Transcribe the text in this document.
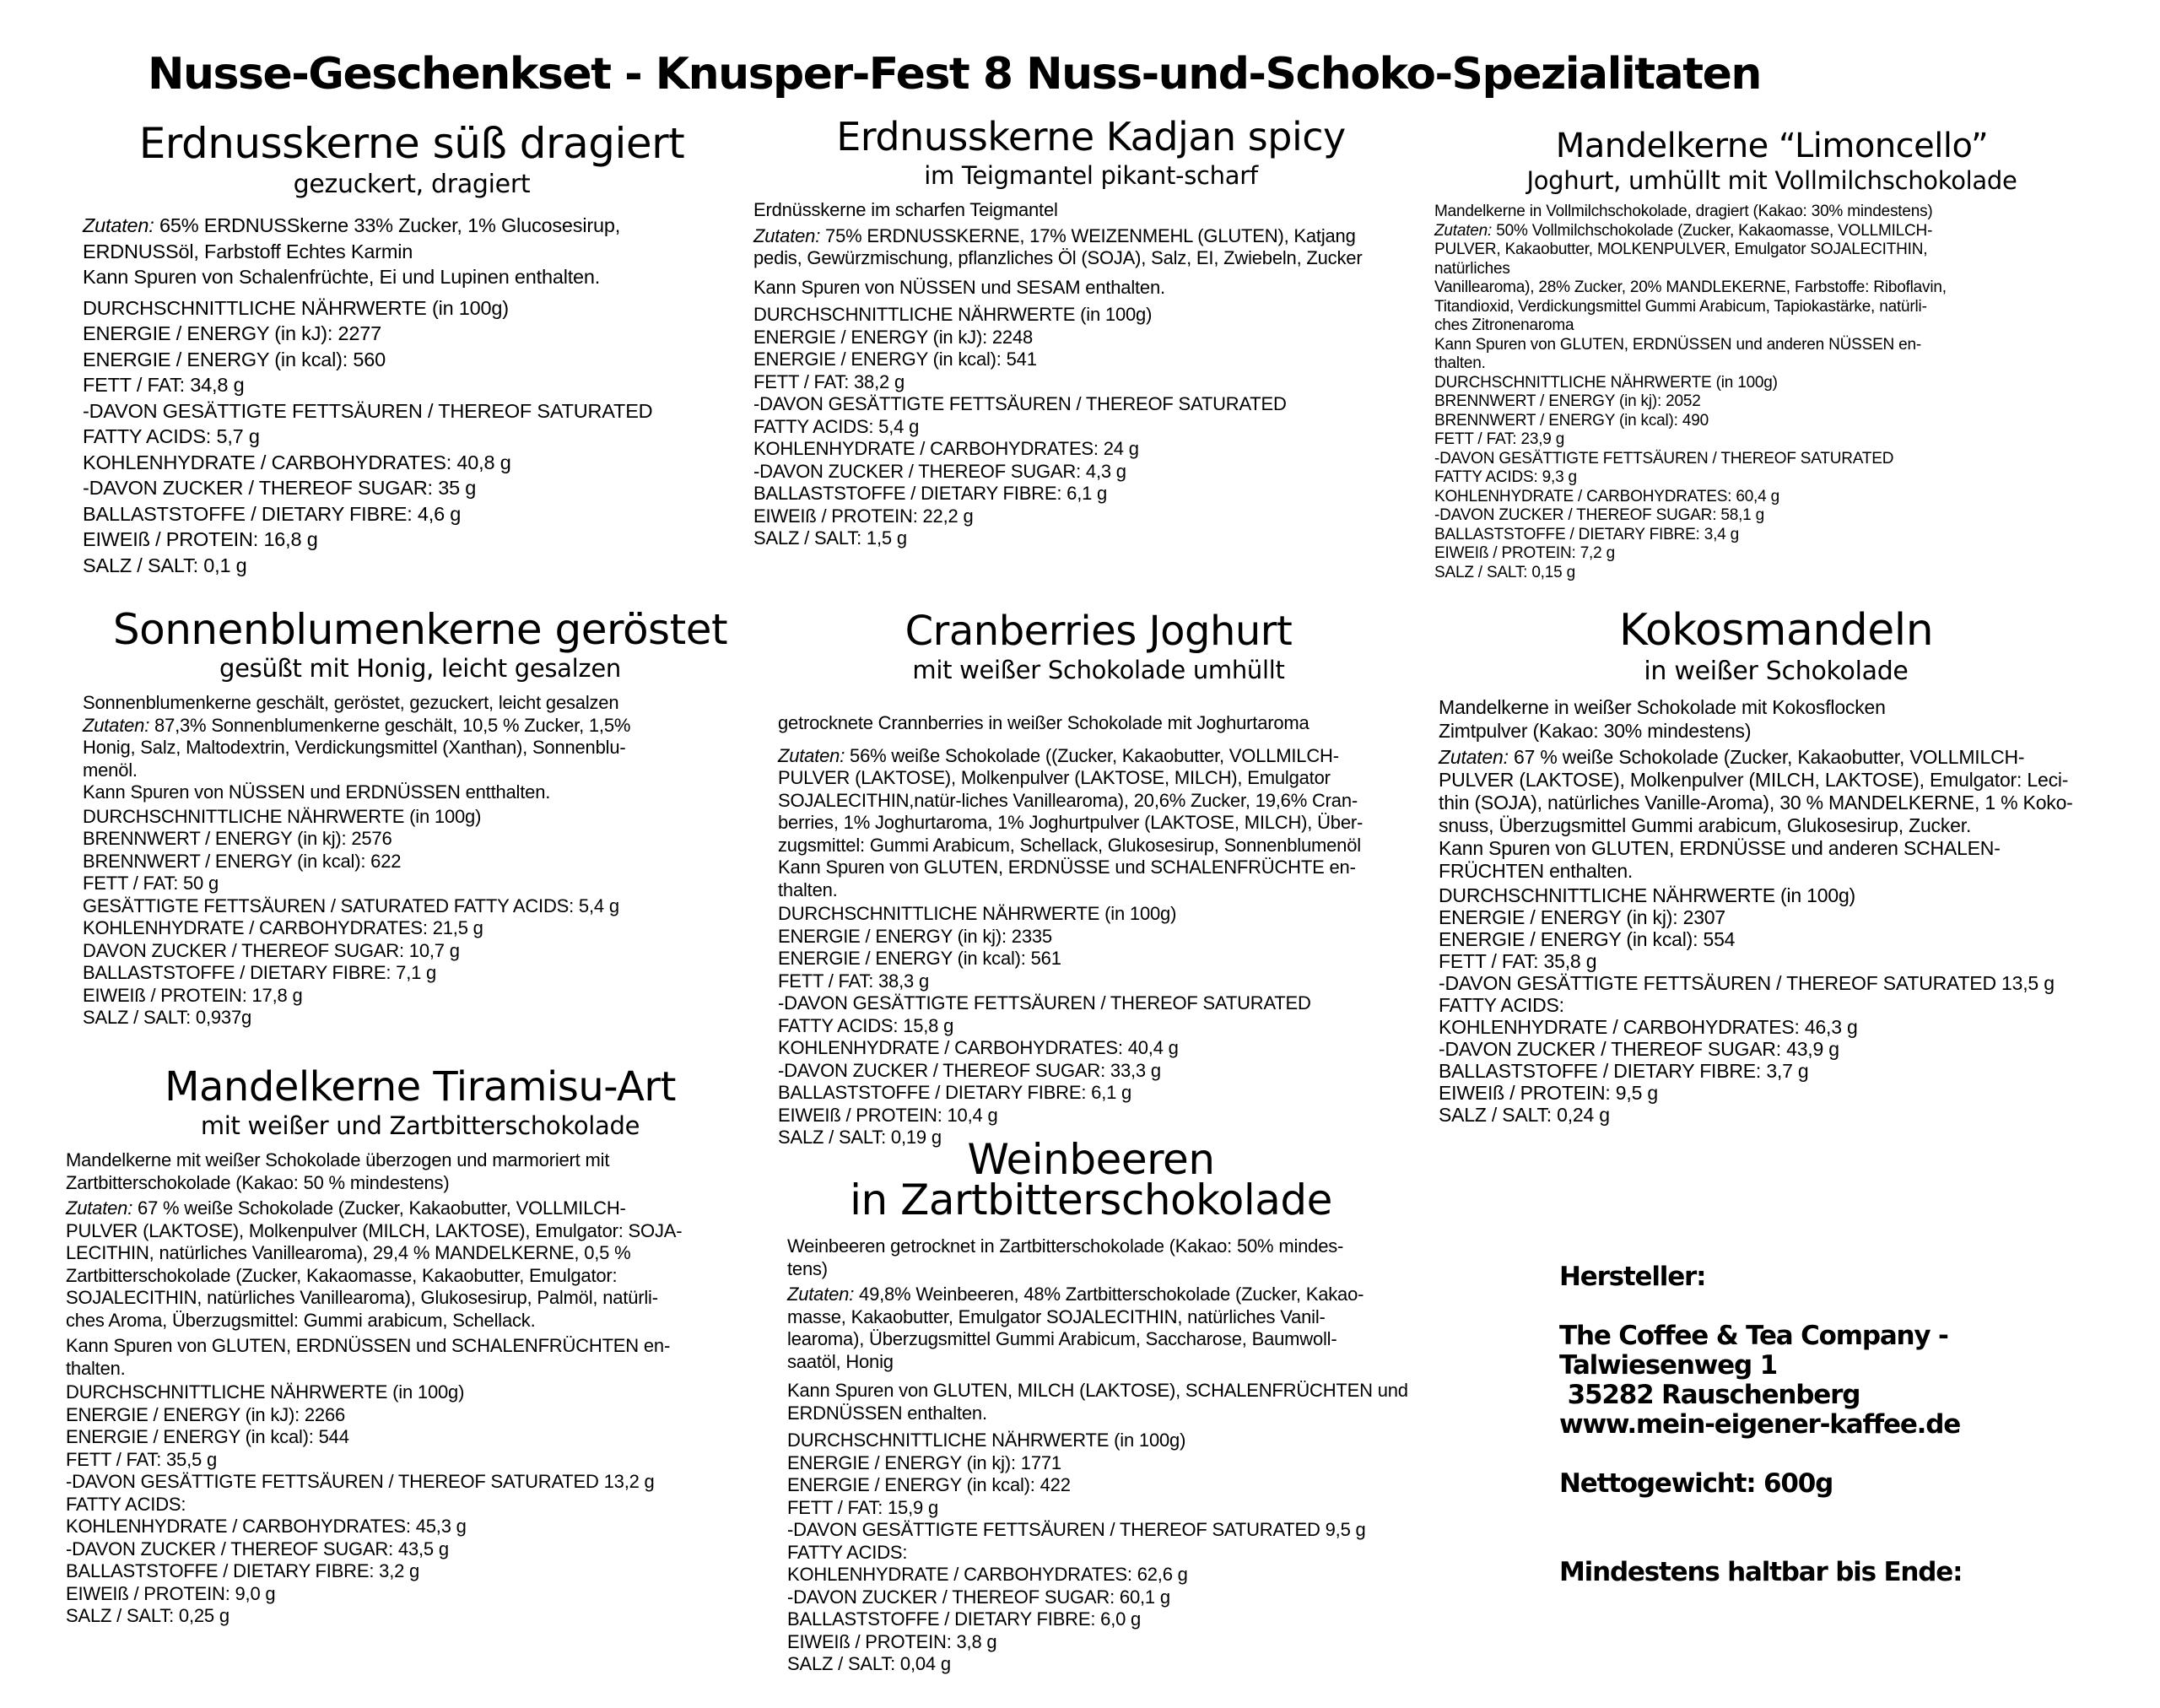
Nusse-Geschenkset - Knusper-Fest 8 Nuss-und-Schoko-Spezialitaten
Erdnusskerne süß dragiert
gezuckert, dragiert

Zutaten: 65% ERDNUSSkerne 33% Zucker, 1% Glucosesirup,
ERDNUSSöl, Farbstoff Echtes Karmin
Kann Spuren von Schalenfrüchte, Ei und Lupinen enthalten.

DURCHSCHNITTLICHE NÄHRWERTE (in 100g)
ENERGIE / ENERGY (in kJ): 2277
ENERGIE / ENERGY (in kcal): 560
FETT / FAT: 34,8 g
-DAVON GESÄTTIGTE FETTSÄUREN / THEREOF SATURATED
FATTY ACIDS: 5,7 g
KOHLENHYDRATE / CARBOHYDRATES: 40,8 g
-DAVON ZUCKER / THEREOF SUGAR: 35 g
BALLASTSTOFFE / DIETARY FIBRE: 4,6 g
EIWEIß / PROTEIN: 16,8 g
SALZ / SALT: 0,1 g
Erdnusskerne Kadjan spicy
im Teigmantel pikant-scharf

Erdnüsskerne im scharfen Teigmantel

Zutaten: 75% ERDNUSSKERNE, 17% WEIZENMEHL (GLUTEN), Katjang
pedis, Gewürzmischung, pflanzliches Öl (SOJA), Salz, EI, Zwiebeln, Zucker

Kann Spuren von NÜSSEN und SESAM enthalten.

DURCHSCHNITTLICHE NÄHRWERTE (in 100g)
ENERGIE / ENERGY (in kJ): 2248
ENERGIE / ENERGY (in kcal): 541
FETT / FAT: 38,2 g
-DAVON GESÄTTIGTE FETTSÄUREN / THEREOF SATURATED
FATTY ACIDS: 5,4 g
KOHLENHYDRATE / CARBOHYDRATES: 24 g
-DAVON ZUCKER / THEREOF SUGAR: 4,3 g
BALLASTSTOFFE / DIETARY FIBRE: 6,1 g
EIWEIß / PROTEIN: 22,2 g
SALZ / SALT: 1,5 g
Mandelkerne “Limoncello”
Joghurt, umhüllt mit Vollmilchschokolade

Mandelkerne in Vollmilchschokolade, dragiert (Kakao: 30% mindestens)

Zutaten: 50% Vollmilchschokolade (Zucker, Kakaomasse, VOLLMILCH-
PULVER, Kakaobutter, MOLKENPULVER, Emulgator SOJALECITHIN,
natürliches
Vanillearoma), 28% Zucker, 20% MANDLEKERNE, Farbstoffe: Riboflavin,
Titandioxid, Verdickungsmittel Gummi Arabicum, Tapiokastärke, natürli-
ches Zitronenaroma
Kann Spuren von GLUTEN, ERDNÜSSEN und anderen NÜSSEN en-
thalten.

DURCHSCHNITTLICHE NÄHRWERTE (in 100g)
BRENNWERT / ENERGY (in kj): 2052
BRENNWERT / ENERGY (in kcal): 490
FETT / FAT: 23,9 g
-DAVON GESÄTTIGTE FETTSÄUREN / THEREOF SATURATED
FATTY ACIDS: 9,3 g
KOHLENHYDRATE / CARBOHYDRATES: 60,4 g
-DAVON ZUCKER / THEREOF SUGAR: 58,1 g
BALLASTSTOFFE / DIETARY FIBRE: 3,4 g
EIWEIß / PROTEIN: 7,2 g
SALZ / SALT: 0,15 g
Sonnenblumenkerne geröstet
gesüßt mit Honig, leicht gesalzen

Sonnenblumenkerne geschält, geröstet, gezuckert, leicht gesalzen

Zutaten: 87,3% Sonnenblumenkerne geschält, 10,5 % Zucker, 1,5%
Honig, Salz, Maltodextrin, Verdickungsmittel (Xanthan), Sonnenblu-
menöl.
Kann Spuren von NÜSSEN und ERDNÜSSEN entthalten.

DURCHSCHNITTLICHE NÄHRWERTE (in 100g)
BRENNWERT / ENERGY (in kj): 2576
BRENNWERT / ENERGY (in kcal): 622
FETT / FAT: 50 g
GESÄTTIGTE FETTSÄUREN / SATURATED FATTY ACIDS: 5,4 g
KOHLENHYDRATE / CARBOHYDRATES: 21,5 g
DAVON ZUCKER / THEREOF SUGAR: 10,7 g
BALLASTSTOFFE / DIETARY FIBRE: 7,1 g
EIWEIß / PROTEIN: 17,8 g
SALZ / SALT: 0,937g
Cranberries Joghurt
mit weißer Schokolade umhüllt

getrocknete Crannberries in weißer Schokolade mit Joghurtaroma

Zutaten: 56% weiße Schokolade ((Zucker, Kakaobutter, VOLLMILCH-
PULVER (LAKTOSE), Molkenpulver (LAKTOSE, MILCH), Emulgator
SOJALECITHIN,natür-liches Vanillearoma), 20,6% Zucker, 19,6% Cran-
berries, 1% Joghurtaroma, 1% Joghurtpulver (LAKTOSE, MILCH), Über-
zugsmittel: Gummi Arabicum, Schellack, Glukosesirup, Sonnenblumenöl
Kann Spuren von GLUTEN, ERDNÜSSE und SCHALENFRÜCHTE en-
thalten.

DURCHSCHNITTLICHE NÄHRWERTE (in 100g)
ENERGIE / ENERGY (in kj): 2335
ENERGIE / ENERGY (in kcal): 561
FETT / FAT: 38,3 g
-DAVON GESÄTTIGTE FETTSÄUREN / THEREOF SATURATED
FATTY ACIDS: 15,8 g
KOHLENHYDRATE / CARBOHYDRATES: 40,4 g
-DAVON ZUCKER / THEREOF SUGAR: 33,3 g
BALLASTSTOFFE / DIETARY FIBRE: 6,1 g
EIWEIß / PROTEIN: 10,4 g
SALZ / SALT: 0,19 g
Kokosmandeln
in weißer Schokolade

Mandelkerne in weißer Schokolade mit Kokosflocken
Zimtpulver (Kakao: 30% mindestens)

Zutaten: 67 % weiße Schokolade (Zucker, Kakaobutter, VOLLMILCH-
PULVER (LAKTOSE), Molkenpulver (MILCH, LAKTOSE), Emulgator: Leci-
thin (SOJA), natürliches Vanille-Aroma), 30 % MANDELKERNE, 1 % Koko-
snuss, Überzugsmittel Gummi arabicum, Glukosesirup, Zucker.
Kann Spuren von GLUTEN, ERDNÜSSE und anderen SCHALEN-
FRÜCHTEN enthalten.

DURCHSCHNITTLICHE NÄHRWERTE (in 100g)
ENERGIE / ENERGY (in kj): 2307
ENERGIE / ENERGY (in kcal): 554
FETT / FAT: 35,8 g
-DAVON GESÄTTIGTE FETTSÄUREN / THEREOF SATURATED 13,5 g
FATTY ACIDS:
KOHLENHYDRATE / CARBOHYDRATES: 46,3 g
-DAVON ZUCKER / THEREOF SUGAR: 43,9 g
BALLASTSTOFFE / DIETARY FIBRE: 3,7 g
EIWEIß / PROTEIN: 9,5 g
SALZ / SALT: 0,24 g
Mandelkerne Tiramisu-Art
mit weißer und Zartbitterschokolade

Mandelkerne mit weißer Schokolade überzogen und marmoriert mit
Zartbitterschokolade (Kakao: 50 % mindestens)

Zutaten: 67 % weiße Schokolade (Zucker, Kakaobutter, VOLLMILCH-
PULVER (LAKTOSE), Molkenpulver (MILCH, LAKTOSE), Emulgator: SOJA-
LECITHIN, natürliches Vanillearoma), 29,4 % MANDELKERNE, 0,5 %
Zartbitterschokolade (Zucker, Kakaomasse, Kakaobutter, Emulgator:
SOJALECITHIN, natürliches Vanillearoma), Glukosesirup, Palmöl, natürli-
ches Aroma, Überzugsmittel: Gummi arabicum, Schellack.

Kann Spuren von GLUTEN, ERDNÜSSEN und SCHALENFRÜCHTEN en-
thalten.

DURCHSCHNITTLICHE NÄHRWERTE (in 100g)
ENERGIE / ENERGY (in kJ): 2266
ENERGIE / ENERGY (in kcal): 544
FETT / FAT: 35,5 g
-DAVON GESÄTTIGTE FETTSÄUREN / THEREOF SATURATED 13,2 g
FATTY ACIDS:
KOHLENHYDRATE / CARBOHYDRATES: 45,3 g
-DAVON ZUCKER / THEREOF SUGAR: 43,5 g
BALLASTSTOFFE / DIETARY FIBRE: 3,2 g
EIWEIß / PROTEIN: 9,0 g
SALZ / SALT: 0,25 g
Weinbeeren
in Zartbitterschokolade

Weinbeeren getrocknet in Zartbitterschokolade (Kakao: 50% mindes-
tens)

Zutaten: 49,8% Weinbeeren, 48% Zartbitterschokolade (Zucker, Kakao-
masse, Kakaobutter, Emulgator SOJALECITHIN, natürliches Vanil-
learoma), Überzugsmittel Gummi Arabicum, Saccharose, Baumwoll-
saatöl, Honig

Kann Spuren von GLUTEN, MILCH (LAKTOSE), SCHALENFRÜCHTEN und
ERDNÜSSEN enthalten.

DURCHSCHNITTLICHE NÄHRWERTE (in 100g)
ENERGIE / ENERGY (in kj): 1771
ENERGIE / ENERGY (in kcal): 422
FETT / FAT: 15,9 g
-DAVON GESÄTTIGTE FETTSÄUREN / THEREOF SATURATED 9,5 g
FATTY ACIDS:
KOHLENHYDRATE / CARBOHYDRATES: 62,6 g
-DAVON ZUCKER / THEREOF SUGAR: 60,1 g
BALLASTSTOFFE / DIETARY FIBRE: 6,0 g
EIWEIß / PROTEIN: 3,8 g
SALZ / SALT: 0,04 g
Hersteller:
The Coffee & Tea Company -
Talwiesenweg 1
35282 Rauschenberg
www.mein-eigener-kaffee.de
Nettogewicht: 600g
Mindestens haltbar bis Ende:
